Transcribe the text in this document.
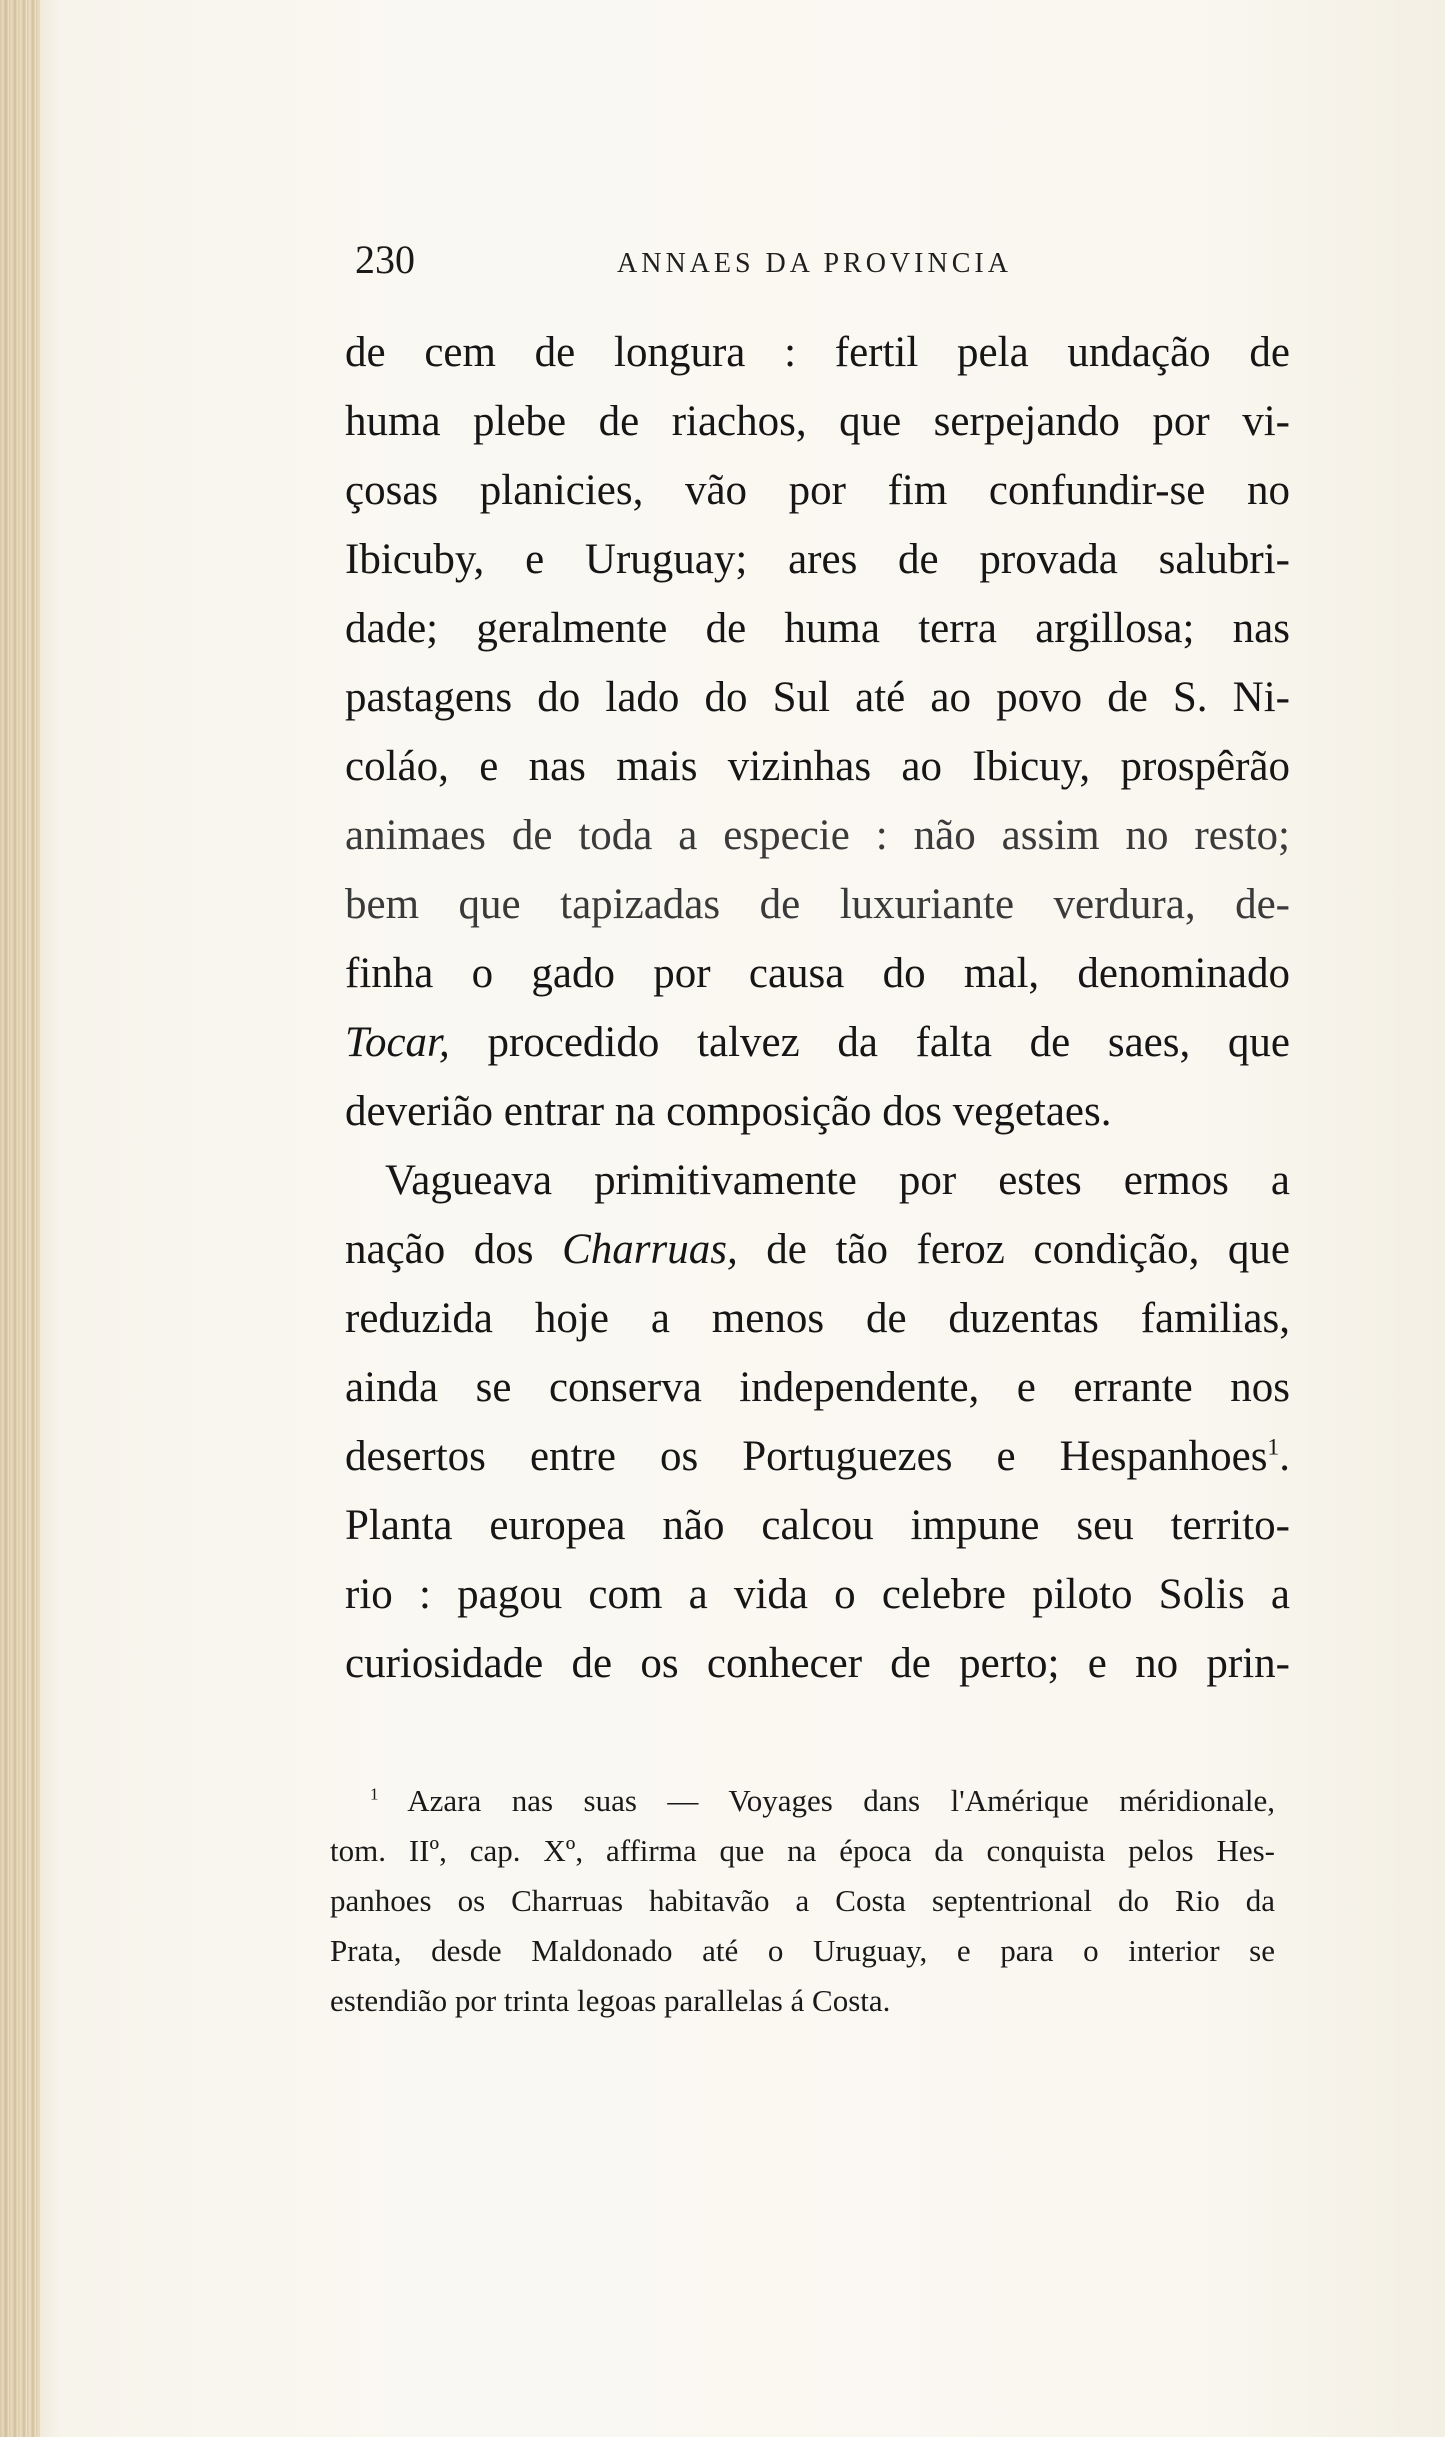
230	ANNAES DA PROVINCIA
de cem de longura : fertil pela undação de
huma plebe de riachos, que serpejando por vi-
çosas planicies, vão por fim confundir-se no
Ibicuby, e Uruguay; ares de provada salubri-
dade; geralmente de huma terra argillosa; nas
pastagens do lado do Sul até ao povo de S. Ni-
coláo, e nas mais vizinhas ao Ibicuy, prospêrão
animaes de toda a especie : não assim no resto;
bem que tapizadas de luxuriante verdura, de-
finha o gado por causa do mal, denominado
Tocar, procedido talvez da falta de saes, que
deverião entrar na composição dos vegetaes.
Vagueava primitivamente por estes ermos a
nação dos Charruas, de tão feroz condição, que
reduzida hoje a menos de duzentas familias,
ainda se conserva independente, e errante nos
desertos entre os Portuguezes e Hespanhoes$^1$.
Planta europea não calcou impune seu territo-
rio : pagou com a vida o celebre piloto Solis a
curiosidade de os conhecer de perto; e no prin-
$^1$ Azara nas suas — Voyages dans l'Amérique méridionale,
tom. IIº, cap. Xº, affirma que na época da conquista pelos Hes-
panhoes os Charruas habitavão a Costa septentrional do Rio da
Prata, desde Maldonado até o Uruguay, e para o interior se
estendião por trinta legoas parallelas á Costa.
